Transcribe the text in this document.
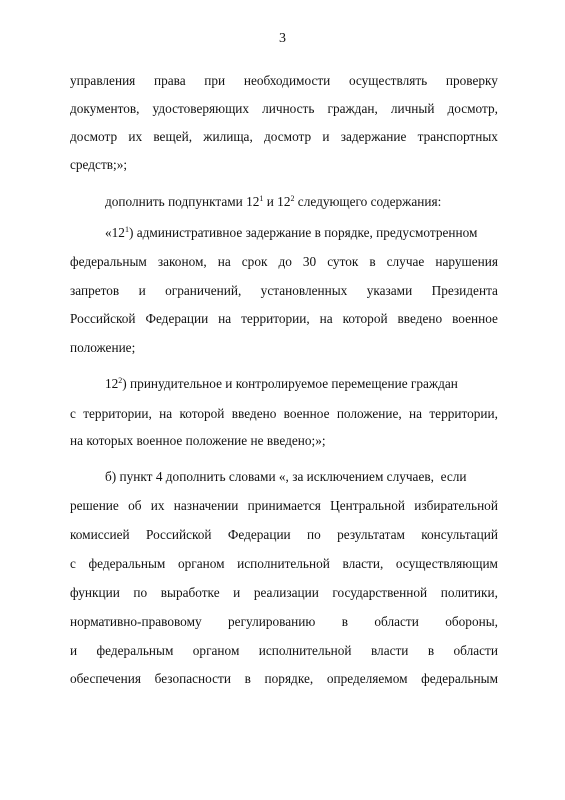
3
управления права при необходимости осуществлять проверку
документов, удостоверяющих личность граждан, личный досмотр,
досмотр их вещей, жилища, досмотр и задержание транспортных
средств;»;
дополнить подпунктами $12^1$ и $12^2$ следующего содержания:
«$12^1$) административное задержание в порядке, предусмотренном
федеральным законом, на срок до 30 суток в случае нарушения
запретов и ограничений, установленных указами Президента
Российской Федерации на территории, на которой введено военное
положение;
$12^2$) принудительное и контролируемое перемещение граждан
с территории, на которой введено военное положение, на территории,
на которых военное положение не введено;»;
б) пункт 4 дополнить словами «, за исключением случаев,  если
решение об их назначении принимается Центральной избирательной
комиссией Российской Федерации по результатам консультаций
с федеральным органом исполнительной власти, осуществляющим
функции по выработке и реализации государственной политики,
нормативно-правовому регулированию в области обороны,
и федеральным органом исполнительной власти в области
обеспечения безопасности в порядке, определяемом федеральным
